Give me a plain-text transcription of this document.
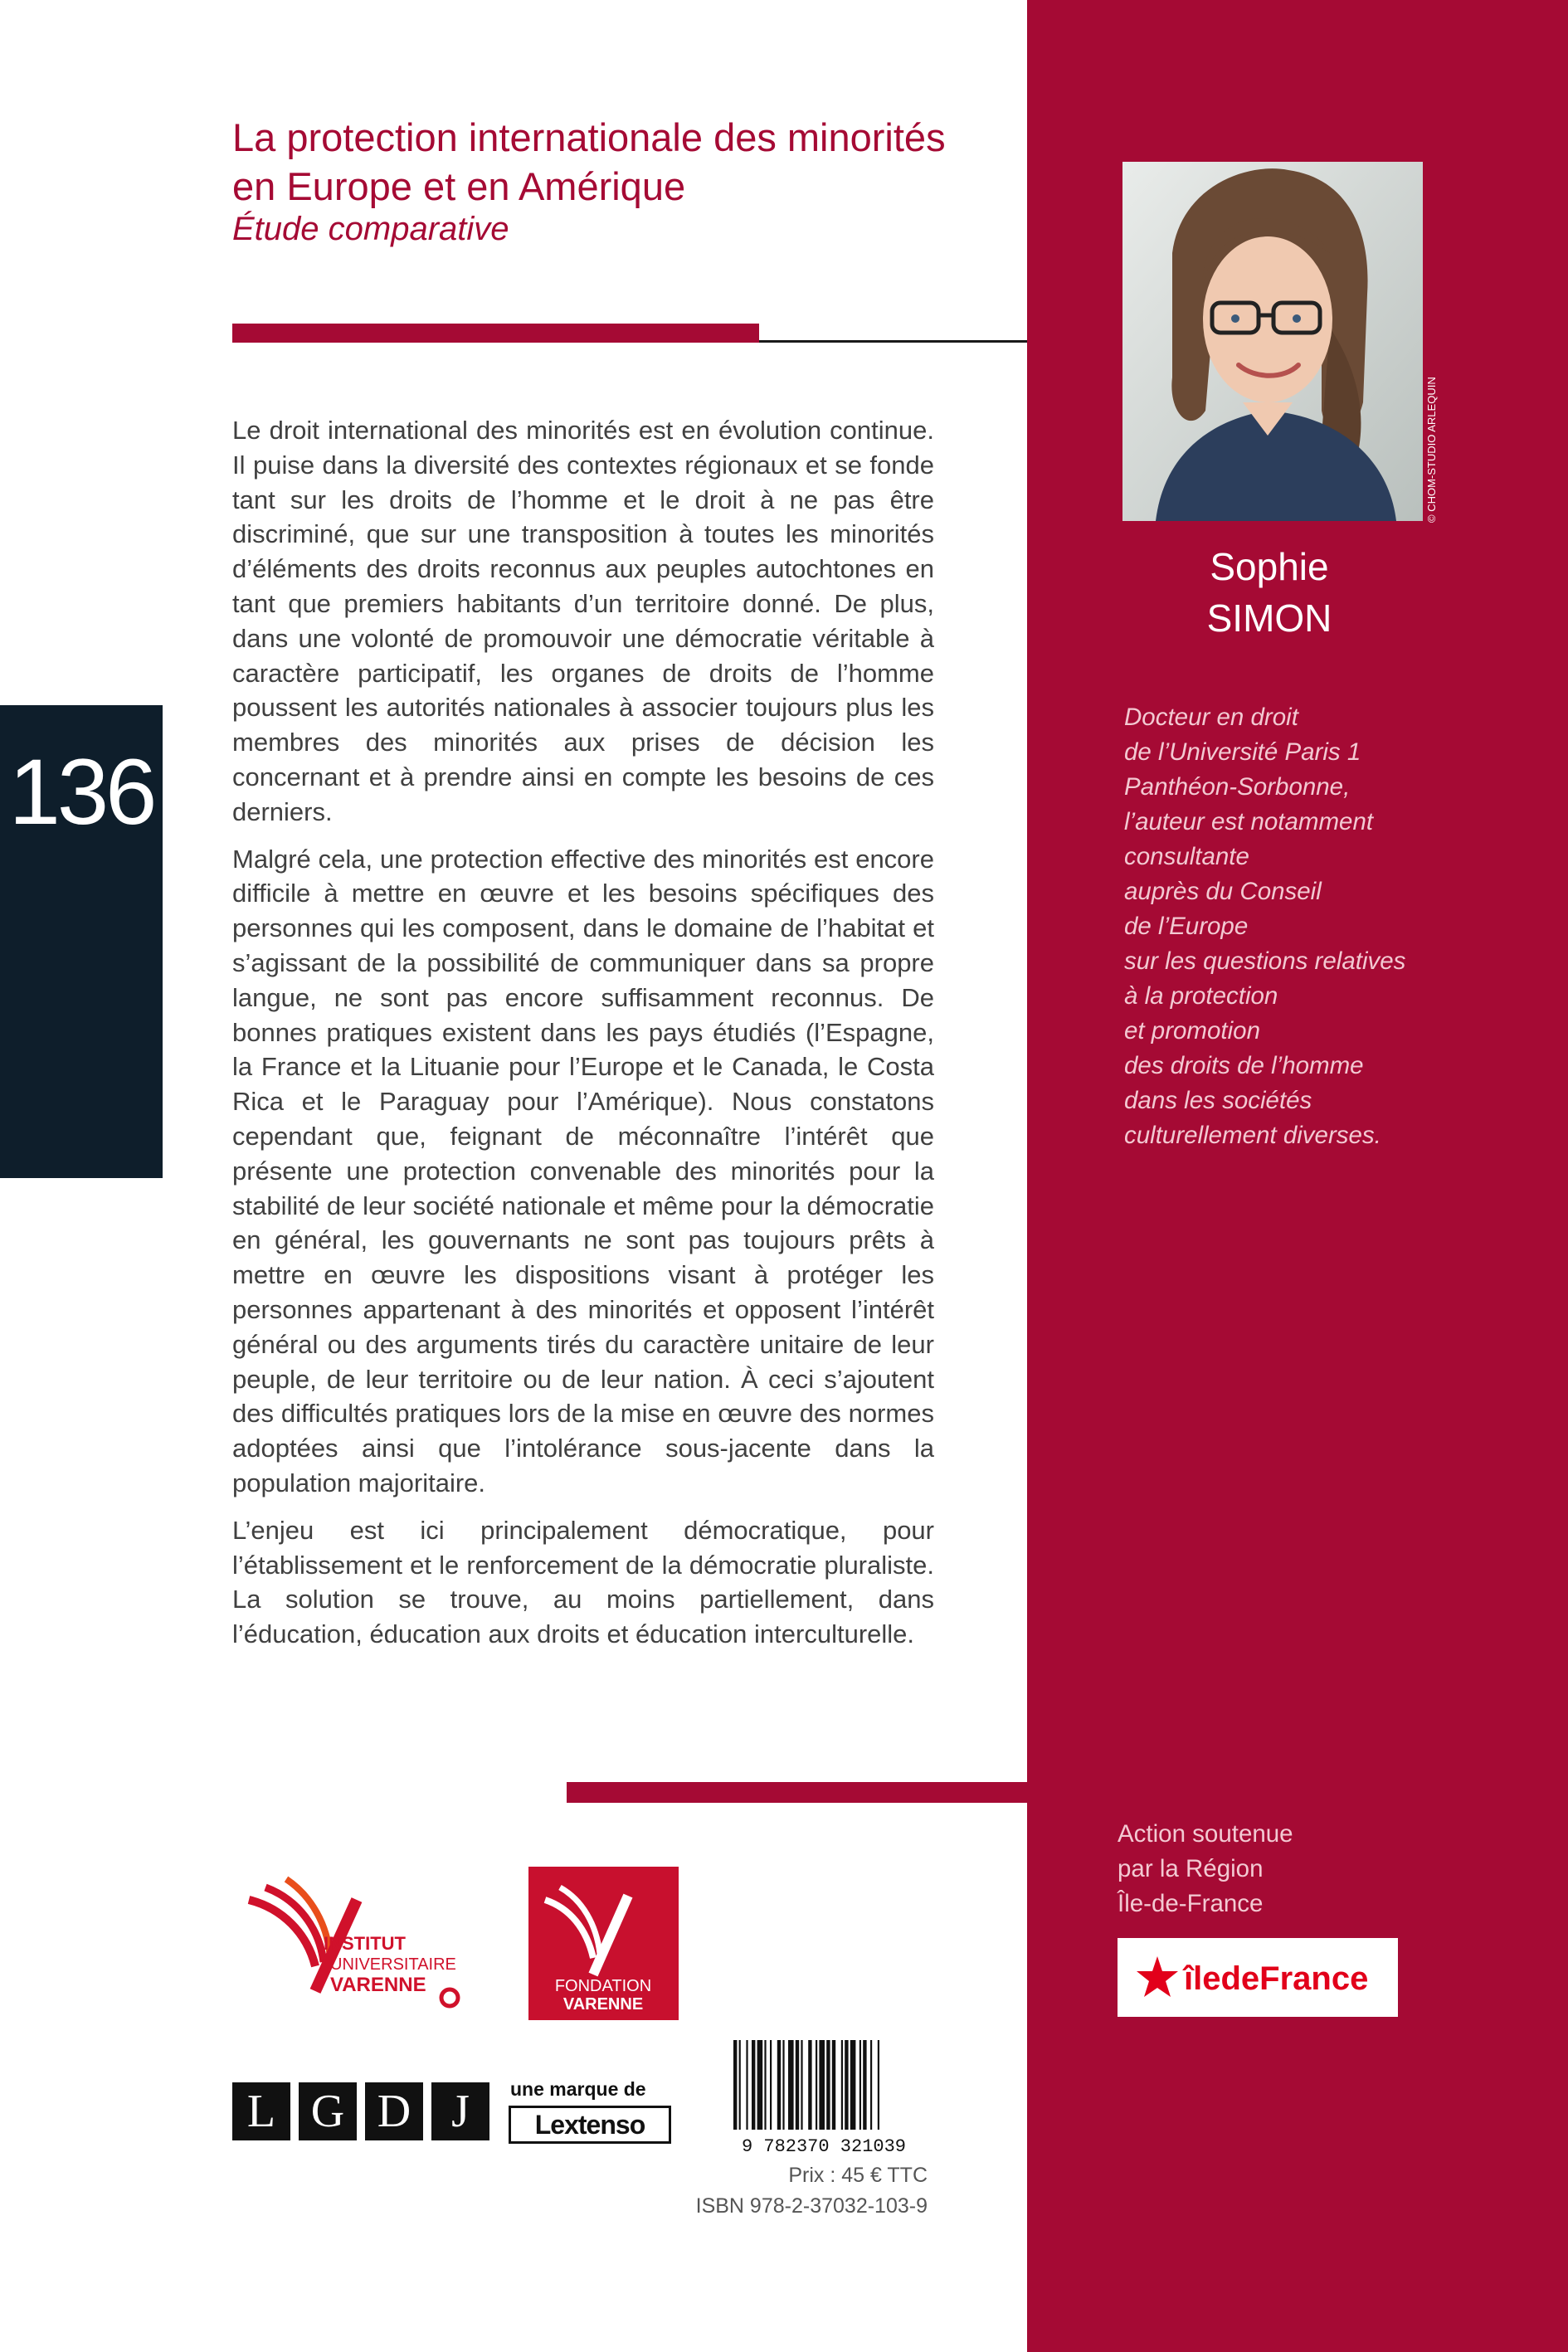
136
La protection internationale des minorités en Europe et en Amérique
Étude comparative

Le droit international des minorités est en évolution continue. Il puise dans la diversité des contextes régionaux et se fonde tant sur les droits de l’homme et le droit à ne pas être discriminé, que sur une transposition à toutes les minorités d’éléments des droits reconnus aux peuples autochtones en tant que premiers habitants d’un territoire donné. De plus, dans une volonté de promouvoir une démocratie véritable à caractère participatif, les organes de droits de l’homme poussent les autorités nationales à associer toujours plus les membres des minorités aux prises de décision les concernant et à prendre ainsi en compte les besoins de ces derniers.

Malgré cela, une protection effective des minorités est encore difficile à mettre en œuvre et les besoins spécifiques des personnes qui les composent, dans le domaine de l’habitat et s’agissant de la possibilité de communiquer dans sa propre langue, ne sont pas encore suffisamment reconnus. De bonnes pratiques existent dans les pays étudiés (l’Espagne, la France et la Lituanie pour l’Europe et le Canada, le Costa Rica et le Paraguay pour l’Amérique). Nous constatons cependant que, feignant de méconnaître l’intérêt que présente une protection convenable des minorités pour la stabilité de leur société nationale et même pour la démocratie en général, les gouvernants ne sont pas toujours prêts à mettre en œuvre les dispositions visant à protéger les personnes appartenant à des minorités et opposent l’intérêt général ou des arguments tirés du caractère unitaire de leur peuple, de leur territoire ou de leur nation. À ceci s’ajoutent des difficultés pratiques lors de la mise en œuvre des normes adoptées ainsi que l’intolérance sous-jacente dans la population majoritaire.

L’enjeu est ici principalement démocratique, pour l’établissement et le renforcement de la démocratie pluraliste. La solution se trouve, au moins partiellement, dans l’éducation, éducation aux droits et éducation interculturelle.

© CHOM-STUDIO ARLEQUIN
Sophie
SIMON
Docteur en droit
de l’Université Paris 1
Panthéon-Sorbonne,
l’auteur est notamment
consultante
auprès du Conseil
de l’Europe
sur les questions relatives
à la protection
et promotion
des droits de l’homme
dans les sociétés
culturellement diverses.
Action soutenue
par la Région
Île-de-France
îledeFrance
INSTITUT
UNIVERSITAIRE
VARENNE	FONDATION
VARENNE
L G D J	une marque de
Lextenso
9 782370 321039
Prix : 45 € TTC
ISBN 978-2-37032-103-9
